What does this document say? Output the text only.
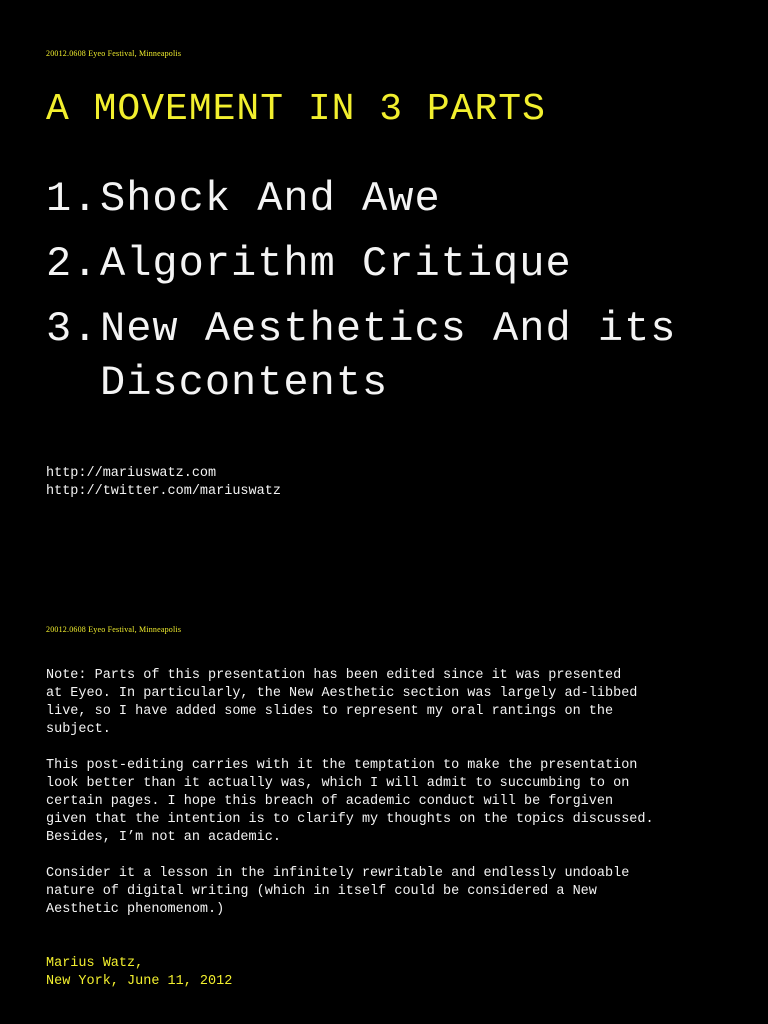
20012.0608 Eyeo Festival, Minneapolis
A MOVEMENT IN 3 PARTS
1. Shock And Awe
2. Algorithm Critique
3. New Aesthetics And its Discontents
http://mariuswatz.com
http://twitter.com/mariuswatz
20012.0608 Eyeo Festival, Minneapolis

Note: Parts of this presentation has been edited since it was presented
at Eyeo. In particularly, the New Aesthetic section was largely ad-libbed
live, so I have added some slides to represent my oral rantings on the
subject.

This post-editing carries with it the temptation to make the presentation
look better than it actually was, which I will admit to succumbing to on
certain pages. I hope this breach of academic conduct will be forgiven
given that the intention is to clarify my thoughts on the topics discussed.
Besides, I’m not an academic.

Consider it a lesson in the infinitely rewritable and endlessly undoable
nature of digital writing (which in itself could be considered a New
Aesthetic phenomenom.)

Marius Watz,
New York, June 11, 2012
